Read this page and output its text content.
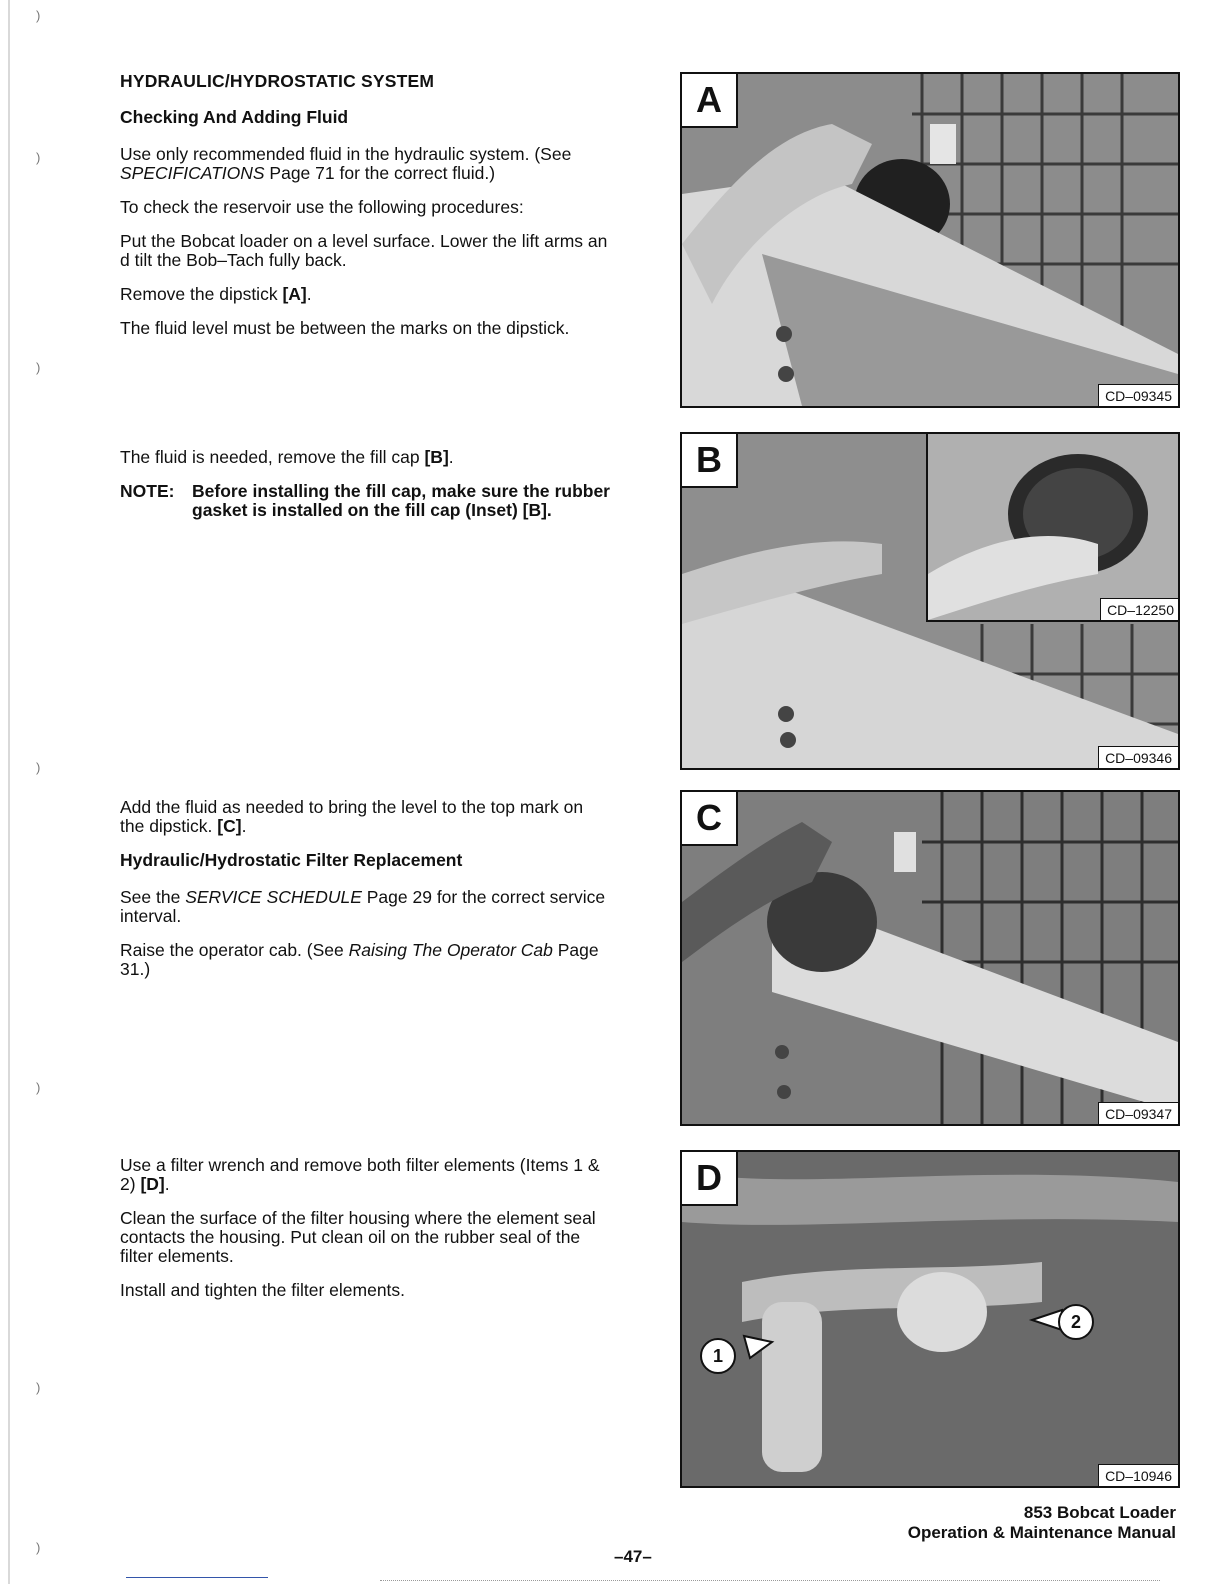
)
)
)
)
)
)
)

HYDRAULIC/HYDROSTATIC SYSTEM

Checking And Adding Fluid

Use only recommended fluid in the hydraulic system. (See SPECIFICATIONS Page 71 for the correct fluid.)

To check the reservoir use the following procedures:

Put the Bobcat loader on a level surface. Lower the lift arms an d tilt the Bob–Tach fully back.

Remove the dipstick [A].

The fluid level must be between the marks on the dipstick.

The fluid is needed, remove the fill cap [B].

NOTE:	Before installing the fill cap, make sure the rubber gasket is installed on the fill cap (Inset) [B].

Add the fluid as needed to bring the level to the top mark on the dipstick. [C].

Hydraulic/Hydrostatic Filter Replacement

See the SERVICE SCHEDULE Page 29 for the correct service interval.

Raise the operator cab. (See Raising The Operator Cab Page 31.)

Use a filter wrench and remove both filter elements (Items 1 & 2) [D].

Clean the surface of the filter housing where the element seal contacts the housing. Put clean oil on the rubber seal of the filter elements.

Install and tighten the filter elements.

A
CD–09345
CD–12250
B
CD–09346
C
CD–09347
1
2
D
CD–10946
–47–
853 Bobcat Loader
Operation & Maintenance Manual
